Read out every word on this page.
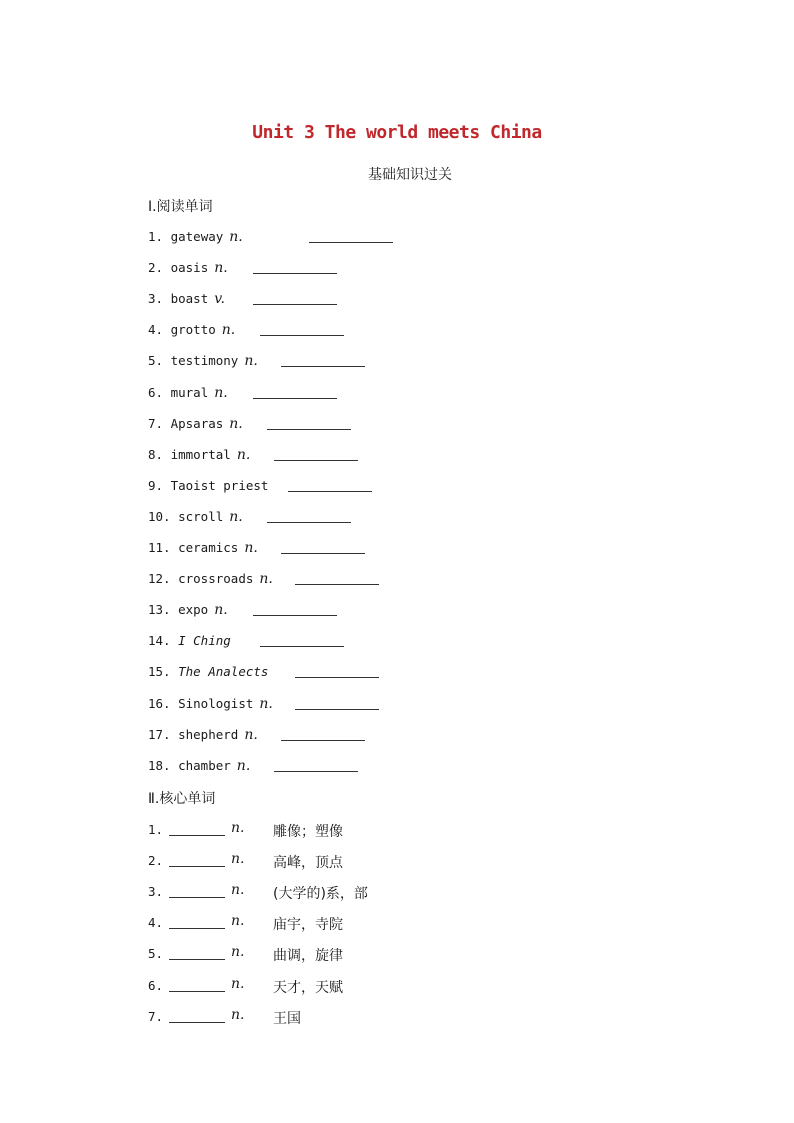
Unit 3 The world meets China
基础知识过关
Ⅰ.阅读单词
1. gateway n.
2. oasis n.
3. boast v.
4. grotto n.
5. testimony n.
6. mural n.
7. Apsaras n.
8. immortal n.
9. Taoist priest
10. scroll n.
11. ceramics n.
12. crossroads n.
13. expo n.
14. I Ching
15. The Analects
16. Sinologist n.
17. shepherd n.
18. chamber n.
Ⅱ.核心单词
1.	n. 雕像；塑像
2.	n. 高峰，顶点
3.	n. (大学的)系，部
4.	n. 庙宇，寺院
5.	n. 曲调，旋律
6.	n. 天才，天赋
7.	n. 王国
